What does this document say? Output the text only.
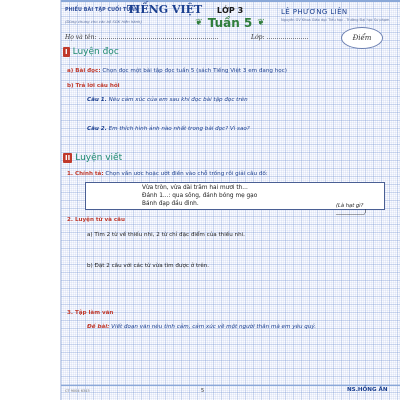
PHIẾU BÀI TẬP CUỐI TUẦN
(Dùng chung cho các bộ SGK hiện hành)
TIẾNG VIỆT	LỚP 3
❦ Tuần 5 ❦
LÊ PHƯƠNG LIÊN
Nguyên GV Khoa Giáo dục Tiểu học - Trường Đại học Sư phạm
Họ và tên: ……………………………………………………	Lớp: …………………	Điểm
I Luyện đọc
a) Bài đọc: Chọn đọc một bài tập đọc tuần 5 (sách Tiếng Việt 3 em đang học)
b) Trả lời câu hỏi
Câu 1. Nêu cảm xúc của em sau khi đọc bài tập đọc trên
Câu 2. Em thích hình ảnh nào nhất trong bài đọc? Vì sao?
II Luyện viết
1. Chính tả: Chọn vần ươc hoặc ướt điền vào chỗ trống rồi giải câu đố:
Vừa tròn, vừa dài trăm hai mươi th...
Đánh 1...: qua sông, đánh bóng mẹ gạo
Bánh đạp đầu đình.	(Là hạt gì? ___________)
2. Luyện từ và câu
a) Tìm 2 từ về thiếu nhi, 2 từ chỉ đặc điểm của thiếu nhi.
b) Đặt 2 câu với các từ vừa tìm được ở trên.
3. Tập làm văn
Đề bài: Viết đoạn văn nêu tình cảm, cảm xúc về một người thân mà em yêu quý.
CT 9004 6343	5	NS.HỒNG ÂN
